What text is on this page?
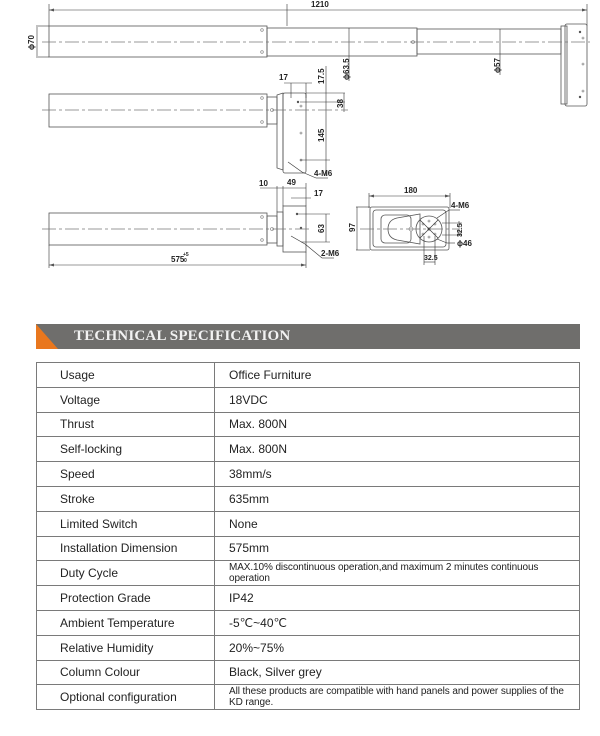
1210
ϕ70
ϕ63.5	ϕ57
4-M6
17	17.5
38
145
2-M6
10 49
17
63
575
+5
0
180
97
4-M6
32.5
ϕ46
32.5
TECHNICAL SPECIFICATION
Usage	Office Furniture
Voltage	18VDC
Thrust	Max. 800N
Self-locking	Max. 800N
Speed	38mm/s
Stroke	635mm
Limited Switch	None
Installation Dimension	575mm
Duty Cycle	MAX.10% discontinuous operation,and maximum 2 minutes continuous operation
Protection Grade	IP42
Ambient Temperature	-5℃~40℃
Relative Humidity	20%~75%
Column Colour	Black, Silver grey
Optional configuration	All these products are compatible with hand panels and power supplies of the KD range.
